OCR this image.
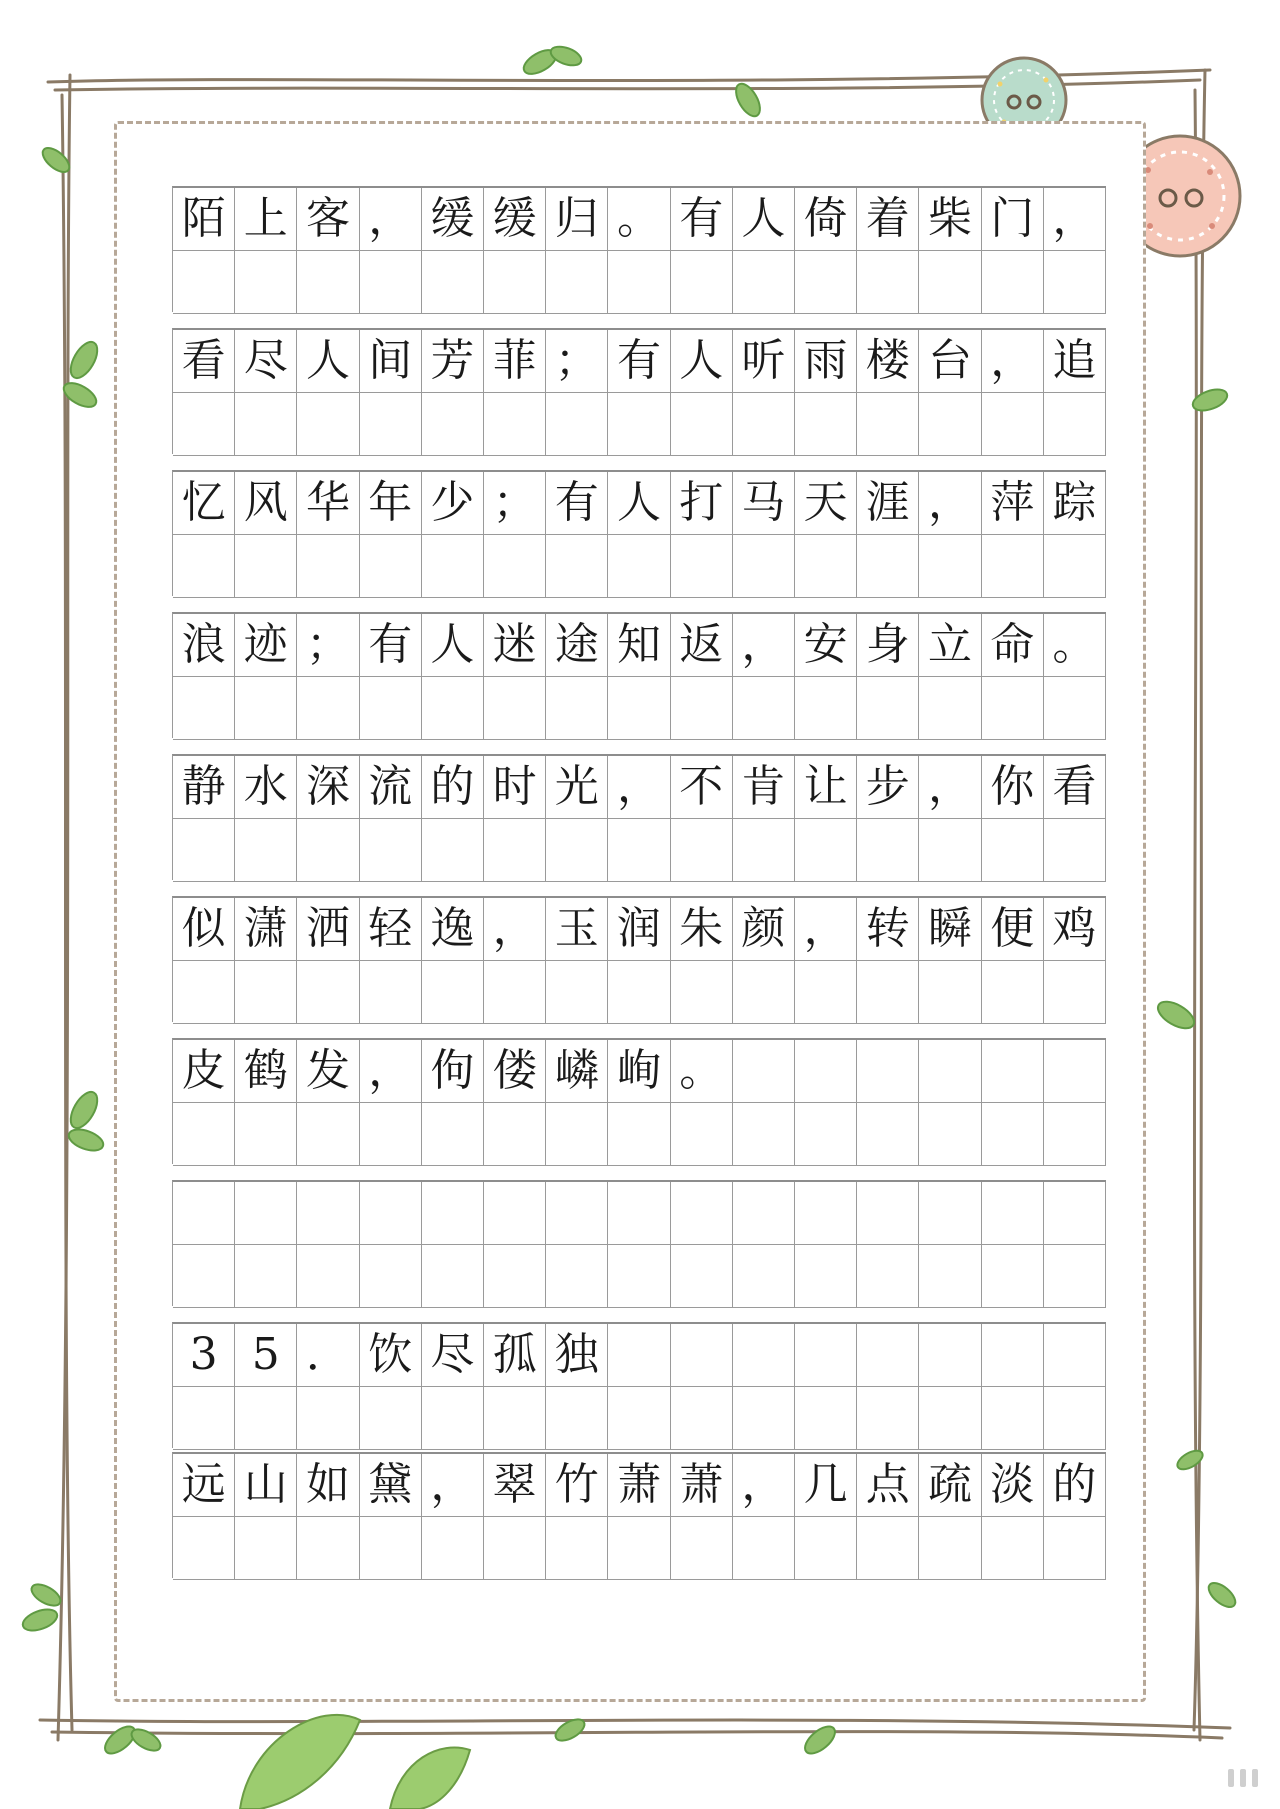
陌 上 客 ， 缓 缓 归 。 有 人 倚 着 柴 门 ，
看 尽 人 间 芳 菲 ； 有 人 听 雨 楼 台 ， 追
忆 风 华 年 少 ； 有 人 打 马 天 涯 ， 萍 踪
浪 迹 ； 有 人 迷 途 知 返 ， 安 身 立 命 。
静 水 深 流 的 时 光 ， 不 肯 让 步 ， 你 看
似 潇 洒 轻 逸 ， 玉 润 朱 颜 ， 转 瞬 便 鸡
皮 鹤 发 ， 佝 偻 嶙 峋 。
3 5 ． 饮 尽 孤 独
远 山 如 黛 ， 翠 竹 萧 萧 ， 几 点 疏 淡 的
